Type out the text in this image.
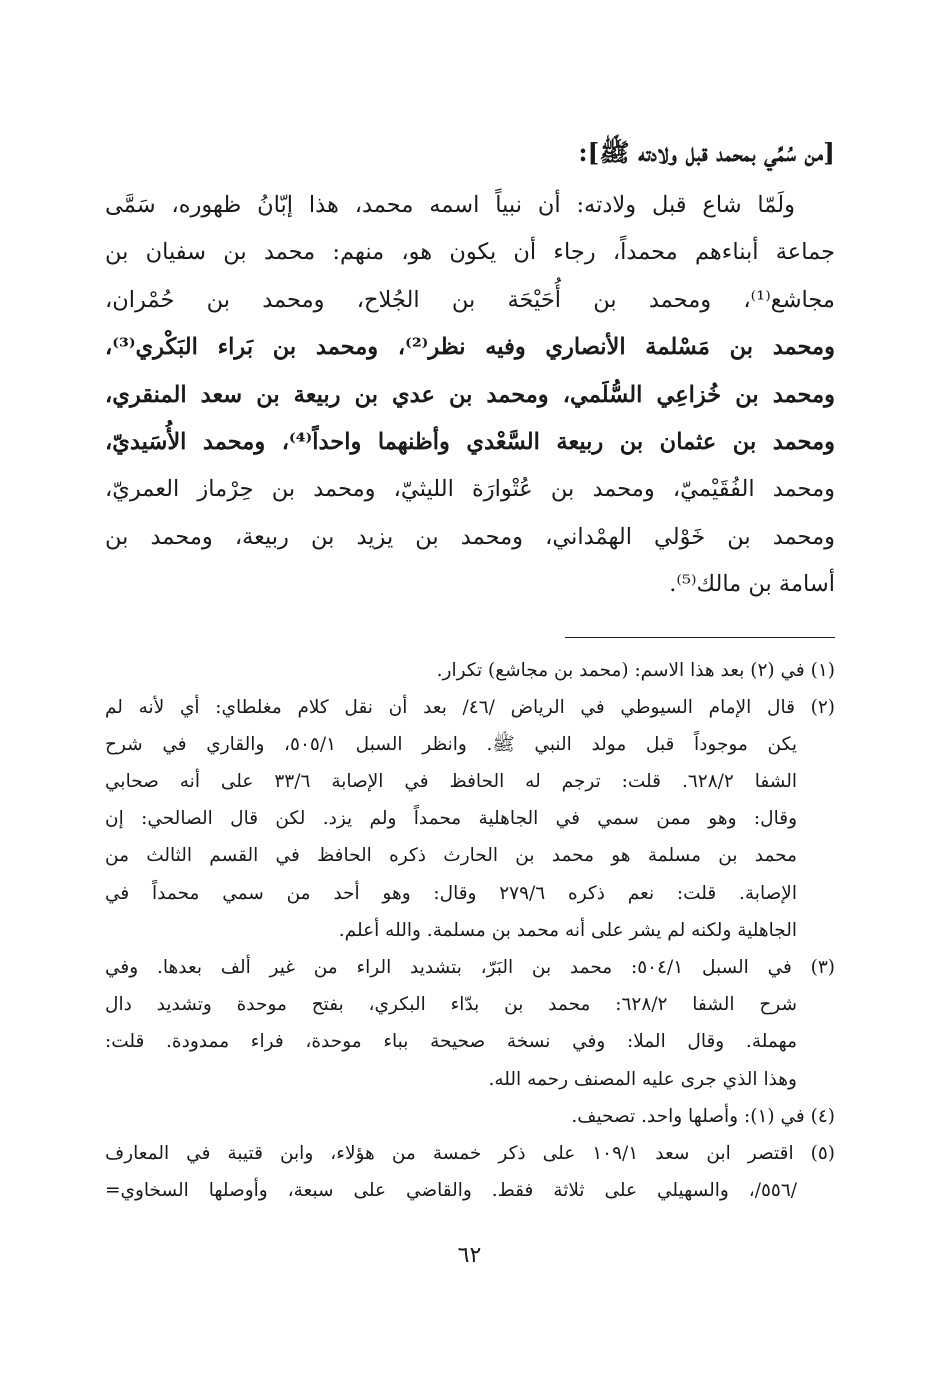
[من سُمِّي بمحمد قبل ولادته ﷺ]:
ولَمّا شاع قبل ولادته: أن نبياً اسمه محمد، هذا إبّانُ ظهوره، سَمَّى
جماعة أبناءهم محمداً، رجاء أن يكون هو، منهم: محمد بن سفيان بن
مجاشع⁽¹⁾، ومحمد بن أُحَيْحَة بن الجُلاح، ومحمد بن حُمْران،
ومحمد بن مَسْلمة الأنصاري وفيه نظر⁽²⁾، ومحمد بن بَراء البَكْري⁽³⁾،
ومحمد بن خُزاعِي السُّلَمي، ومحمد بن عدي بن ربيعة بن سعد المنقري،
ومحمد بن عثمان بن ربيعة السَّعْدي وأظنهما واحداً⁽⁴⁾، ومحمد الأُسَيديّ،
ومحمد الفُقَيْميّ، ومحمد بن عُتْوارَة الليثيّ، ومحمد بن حِرْماز العمريّ،
ومحمد بن خَوْلي الهمْداني، ومحمد بن يزيد بن ربيعة، ومحمد بن
أسامة بن مالك⁽⁵⁾.
(١) في (٢) بعد هذا الاسم: (محمد بن مجاشع) تكرار.
(٢) قال الإمام السيوطي في الرياض /٤٦/ بعد أن نقل كلام مغلطاي: أي لأنه لم
يكن موجوداً قبل مولد النبي ﷺ. وانظر السبل ٥٠٥/١، والقاري في شرح
الشفا ٦٢٨/٢. قلت: ترجم له الحافظ في الإصابة ٣٣/٦ على أنه صحابي
وقال: وهو ممن سمي في الجاهلية محمداً ولم يزد. لكن قال الصالحي: إن
محمد بن مسلمة هو محمد بن الحارث ذكره الحافظ في القسم الثالث من
الإصابة. قلت: نعم ذكره ٢٧٩/٦ وقال: وهو أحد من سمي محمداً في
الجاهلية ولكنه لم يشر على أنه محمد بن مسلمة. والله أعلم.
(٣) في السبل ٥٠٤/١: محمد بن البَرّ، بتشديد الراء من غير ألف بعدها. وفي
شرح الشفا ٦٢٨/٢: محمد بن بدّاء البكري، بفتح موحدة وتشديد دال
مهملة. وقال الملا: وفي نسخة صحيحة بباء موحدة، فراء ممدودة. قلت:
وهذا الذي جرى عليه المصنف رحمه الله.
(٤) في (١): وأصلها واحد. تصحيف.
(٥) اقتصر ابن سعد ١٠٩/١ على ذكر خمسة من هؤلاء، وابن قتيبة في المعارف
/٥٥٦/، والسهيلي على ثلاثة فقط. والقاضي على سبعة، وأوصلها السخاوي=
٦٢
